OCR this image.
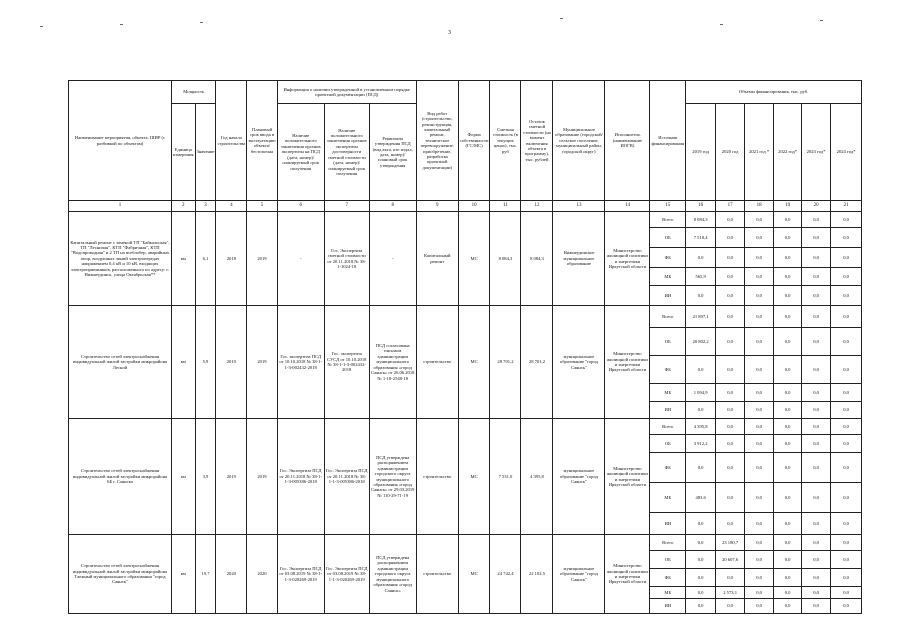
3
Наименование мероприятия, объекта, ШИР (с разбивкой по объектам)	Мощность		Год начала строительства	Плановый срок ввода в эксплуатацию объекта/бестопочна	Информация о наличии утвержденной в установленном порядке проектной документации (ПСД)			Вид работ (строительство, реконструкция, капитальный ремонт, техническое перевооружение, приобретение, разработка проектной документации)	Форма собственности (ГС/МС)	Сметная стоимость (в текущих ценах), тыс. руб	Остаток сметной стоимости (на момент включения объекта в программу), тыс. рублей	Муниципальное образование (городской/сельское поселение, муниципальный район, городской округ)	Исполнитель (наименование ИОГВ)	Источник финансирования	Объемы финансирования, тыс. руб.					
	Единица измерения	Значение			Наличие положительного заключения органов экспертизы на ПСД (дата, номер)/планируемый срок получения	Наличие положительного заключения органов экспертизы достоверности сметной стоимости (дата, номер)/планируемый срок получения	Реквизиты утверждения ПСД (вид акта, кто издал, дата, номер)/плановый срок утверждения								2019 год	2020 год	2021 год *	2022 год*	2023 год*	2024 год*

1	2	3	4	5	6	7	8	9	10	11	12	13	14	15	16	17	18	19	20	21
Капитальный ремонт с заменой ТП "Байкальская", ТП "Лесничая", КТП "Фабричная", КТП "Водопроводная" и 2 ТП на всеблобер, аварийных опор, воздушных линий электропередач напряжением 0,4 кВ и 10 кВ, входящих электроприемников, расположенного по адресу: г. Нижнеудинск, улица Октябрьская**	км	6,1	2018	2019	-	Гос. Экспертиза сметной стоимости от 20.11.2018 № 38-1-1024-18	-	Капитальный ремонт	МС	8 084,3	8 084,3	Нижнеудинское муниципальное образование	Министерство жилищной политики и энергетики Иркутской области	Всего	8 084,3	0,0	0,0	0,0	0,0	0,0
														ОБ	7 518,4	0,0	0,0	0,0	0,0	0,0
														ФБ	0,0	0,0	0,0	0,0	0,0	0,0
														МБ	565,9	0,0	0,0	0,0	0,0	0,0
														ИИ	0,0	0,0	0,0	0,0	0,0	0,0
Строительство сетей электроснабжения индивидуальной жилой застройки микрорайона Лесной	км	5,9	2019	2019	Гос. экспертиза ПСД от 10.10.2018 № 38-1-1-3-002432-2018	Гос. экспертиза СУСД от 10.10.2018 № 38-1-1-3-002432-2018	ПСД согласована письмом администрации муниципального образования «город Саянск» от 26.06.2018 № 1-18-2548-18	строительство	МС	28 701,2	28 701,2	муниципальное образование "город Саянск"	Министерство жилищной политики и энергетики Иркутской области	Всего	21 897,1	0,0	0,0	0,0	0,0	0,0
														ОБ	20 802,2	0,0	0,0	0,0	0,0	0,0
														ФБ	0,0	0,0	0,0	0,0	0,0	0,0
														МБ	1 094,9	0,0	0,0	0,0	0,0	0,0
														ИИ	0,0	0,0	0,0	0,0	0,0	0,0
Строительство сетей электроснабжения индивидуальной жилой застройки микрорайона 6Б г. Саянска	км	3,9	2019	2019	Гос. Экспертиза ПСД от 20.11.2018 № 38-1-1-3-005386-2018	Гос. Экспертиза ПСД от 20.11.2018 № 38-1-1-3-005386-2018	ПСД утверждена распоряжением администрации городского округа муниципального образования «город Саянск» от 29.03.2019 № 110-29-71-19	строительство	МС	7 531,0	4 395,8	муниципальное образование "город Саянск"	Министерство жилищной политики и энергетики Иркутской области	Всего	4 395,8	0,0	0,0	0,0	0,0	0,0
														ОБ	3 912,2	0,0	0,0	0,0	0,0	0,0
														ФБ	0,0	0,0	0,0	0,0	0,0	0,0
														МБ	483,6	0,0	0,0	0,0	0,0	0,0
														ИИ	0,0	0,0	0,0	0,0	0,0	0,0
Строительство сетей электроснабжения индивидуальной жилой застройки микрорайона Таежный муниципального образования "город Саянск"	км	19,7	2020	2020	Гос. Экспертиза ПСД от 03.08.2019 № 38-1-1-3-020269-2019	Гос. Экспертиза ПСД от 03.08.2019 № 38-1-1-3-020269-2019	ПСД утверждена распоряжением администрации городского округа муниципального образования «город Саянск»	строительство	МС	24 742,4	22 102,5	муниципальное образование "город Саянск"	Министерство жилищной политики и энергетики Иркутской области	Всего	0,0	23 180,7	0,0	0,0	0,0	0,0
														ОБ	0,0	20 607,6	0,0	0,0	0,0	0,0
														ФБ	0,0	0,0	0,0	0,0	0,0	0,0
														МБ	0,0	2 573,1	0,0	0,0	0,0	0,0
														ИИ	0,0	0,0	0,0	0,0	0,0	0,0
